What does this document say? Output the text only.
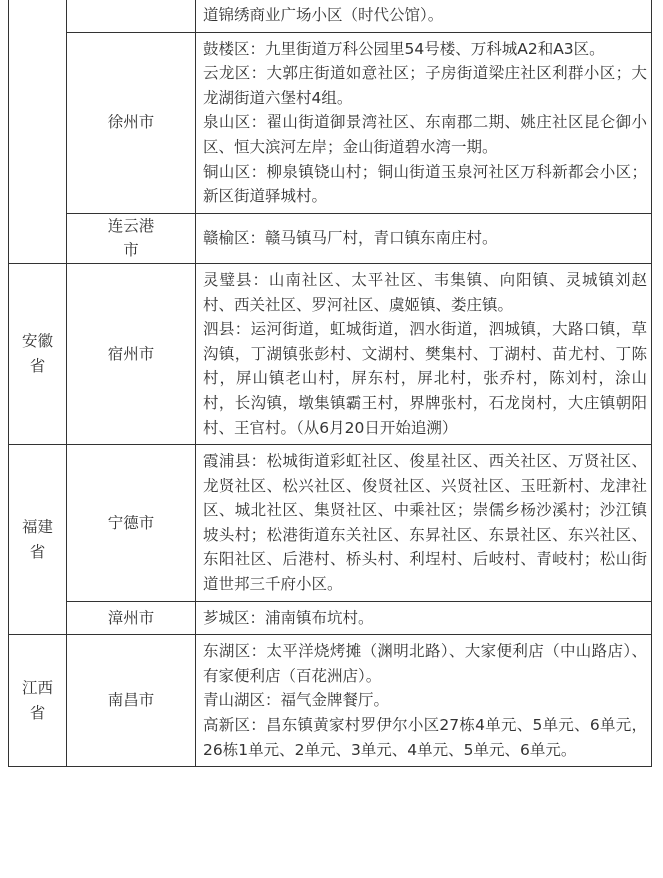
		道锦绣商业广场小区（时代公馆）。

	徐州市	鼓楼区：九里街道万科公园里54号楼、万科城A2和A3区。
云龙区：大郭庄街道如意社区；子房街道梁庄社区利群小区；大龙湖街道六堡村4组。
泉山区：翟山街道御景湾社区、东南郡二期、姚庄社区昆仑御小区、恒大滨河左岸；金山街道碧水湾一期。
铜山区：柳泉镇铙山村；铜山街道玉泉河社区万科新都会小区；新区街道驿城村。

	连云港市	赣榆区：赣马镇马厂村，青口镇东南庄村。

安徽省	宿州市	灵璧县：山南社区、太平社区、韦集镇、向阳镇、灵城镇刘赵村、西关社区、罗河社区、虞姬镇、娄庄镇。
泗县：运河街道，虹城街道，泗水街道，泗城镇，大路口镇，草沟镇，丁湖镇张彭村、文湖村、樊集村、丁湖村、苗尤村、丁陈村，屏山镇老山村，屏东村，屏北村，张乔村，陈刘村，涂山村，长沟镇，墩集镇霸王村，界牌张村，石龙岗村，大庄镇朝阳村、王官村。（从6月20日开始追溯）

福建省	宁德市	霞浦县：松城街道彩虹社区、俊星社区、西关社区、万贤社区、龙贤社区、松兴社区、俊贤社区、兴贤社区、玉旺新村、龙津社区、城北社区、集贤社区、中乘社区；崇儒乡杨沙溪村；沙江镇坡头村；松港街道东关社区、东昇社区、东景社区、东兴社区、东阳社区、后港村、桥头村、利埕村、后岐村、青岐村；松山街道世邦三千府小区。

	漳州市	芗城区：浦南镇布坑村。

江西省	南昌市	东湖区：太平洋烧烤摊（渊明北路）、大家便利店（中山路店）、有家便利店（百花洲店）。
青山湖区：福气金牌餐厅。
高新区：昌东镇黄家村罗伊尔小区27栋4单元、5单元、6单元，26栋1单元、2单元、3单元、4单元、5单元、6单元。
